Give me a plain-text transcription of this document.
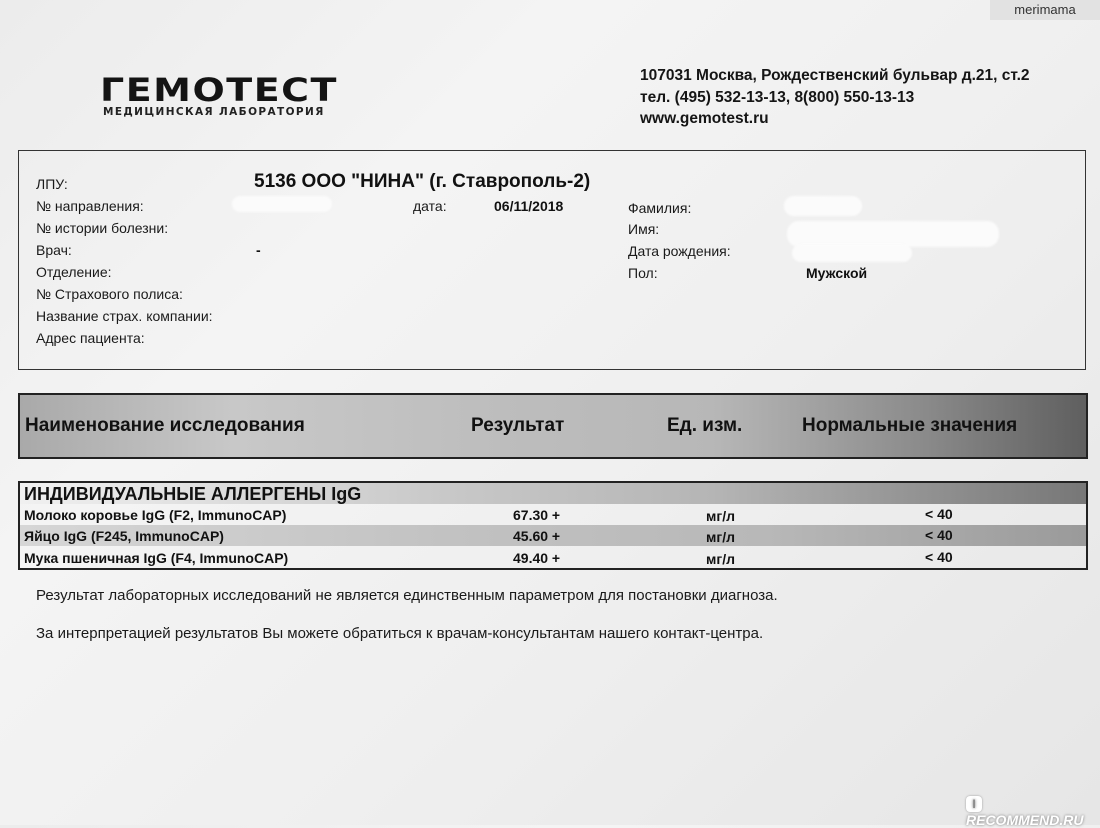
merimama
ГЕМОТЕСТ
МЕДИЦИНСКАЯ ЛАБОРАТОРИЯ
107031 Москва, Рождественский бульвар д.21, ст.2
тел. (495) 532-13-13, 8(800) 550-13-13
www.gemotest.ru
ЛПУ:	5136 ООО "НИНА" (г. Ставрополь-2)
№ направления:	дата:	06/11/2018
№ истории болезни:
Врач:	-
Отделение:
№ Страхового полиса:
Название страх. компании:
Адрес пациента:
Фамилия:
Имя:
Дата рождения:
Пол:	Мужской
Наименование исследования	Результат	Ед. изм.	Нормальные значения
ИНДИВИДУАЛЬНЫЕ АЛЛЕРГЕНЫ IgG
Молоко коровье IgG (F2, ImmunoCAP)	67.30 +	мг/л	< 40
Яйцо IgG (F245, ImmunoCAP)	45.60 +	мг/л	< 40
Мука пшеничная IgG (F4, ImmunoCAP)	49.40 +	мг/л	< 40
Результат лабораторных исследований не является единственным параметром для постановки диагноза.
За интерпретацией результатов Вы можете обратиться к врачам-консультантам нашего контакт-центра.
IRECOMMEND.RU
